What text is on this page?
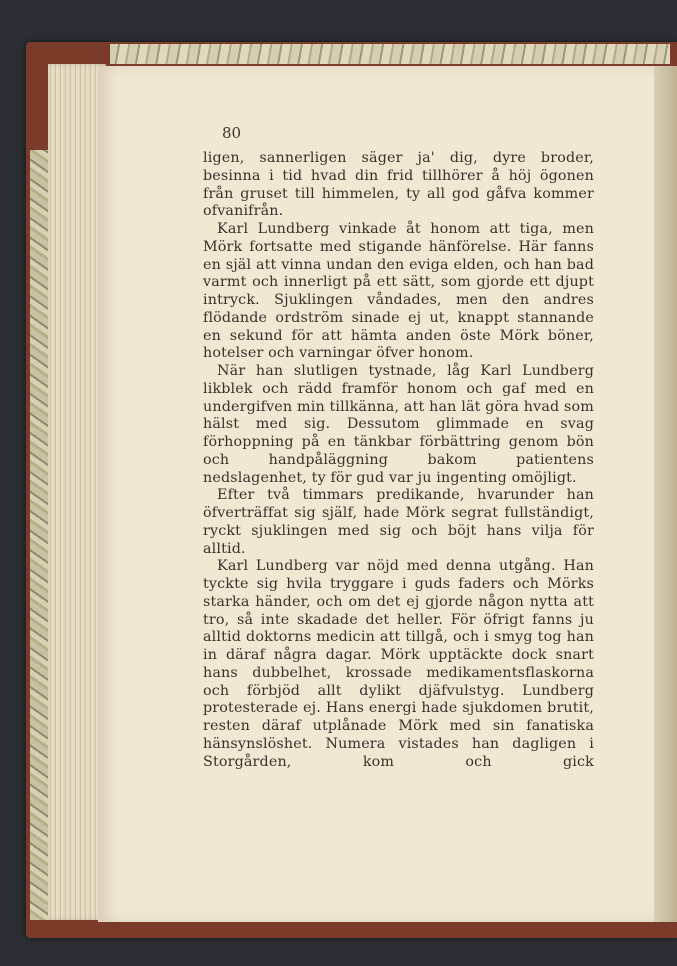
80

ligen, sannerligen säger ja' dig, dyre broder, besinna i tid hvad din frid tillhörer å höj ögonen från gruset till himmelen, ty all god gåfva kommer ofvanifrån.

Karl Lundberg vinkade åt honom att tiga, men Mörk fortsatte med stigande hänförelse. Här fanns en själ att vinna undan den eviga elden, och han bad varmt och innerligt på ett sätt, som gjorde ett djupt intryck. Sjuklingen våndades, men den andres flödande ordström sinade ej ut, knappt stannande en sekund för att hämta anden öste Mörk böner, hotelser och varningar öfver honom.

När han slutligen tystnade, låg Karl Lundberg likblek och rädd framför honom och gaf med en undergifven min tillkänna, att han lät göra hvad som hälst med sig. Dessutom glimmade en svag förhoppning på en tänkbar förbättring genom bön och handpåläggning bakom patientens nedslagenhet, ty för gud var ju ingenting omöjligt.

Efter två timmars predikande, hvarunder han öfverträffat sig själf, hade Mörk segrat fullständigt, ryckt sjuklingen med sig och böjt hans vilja för alltid.

Karl Lundberg var nöjd med denna utgång. Han tyckte sig hvila tryggare i guds faders och Mörks starka händer, och om det ej gjorde någon nytta att tro, så inte skadade det heller. För öfrigt fanns ju alltid doktorns medicin att tillgå, och i smyg tog han in däraf några dagar. Mörk upptäckte dock snart hans dubbelhet, krossade medikamentsflaskorna och förbjöd allt dylikt djäfvulstyg. Lundberg protesterade ej. Hans energi hade sjukdomen brutit, resten däraf utplånade Mörk med sin fanatiska hänsynslöshet. Numera vistades han dagligen i Storgården, kom och gick
